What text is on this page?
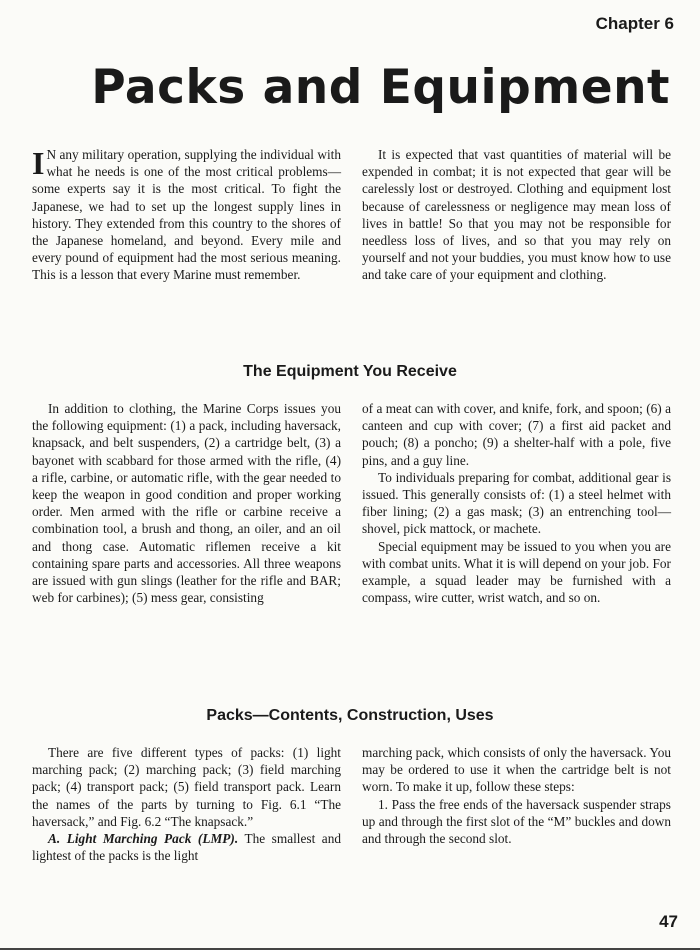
Chapter 6
Packs and Equipment

I N any military operation, supplying the individual with what he needs is one of the most critical problems—some experts say it is the most critical. To fight the Japanese, we had to set up the longest supply lines in history. They extended from this country to the shores of the Japanese homeland, and beyond. Every mile and every pound of equipment had the most serious meaning. This is a lesson that every Marine must remember.

It is expected that vast quantities of material will be expended in combat; it is not expected that gear will be carelessly lost or destroyed. Clothing and equipment lost because of carelessness or negligence may mean loss of lives in battle! So that you may not be responsible for needless loss of lives, and so that you may rely on yourself and not your buddies, you must know how to use and take care of your equipment and clothing.

The Equipment You Receive

In addition to clothing, the Marine Corps issues you the following equipment: (1) a pack, including haversack, knapsack, and belt suspenders, (2) a cartridge belt, (3) a bayonet with scabbard for those armed with the rifle, (4) a rifle, carbine, or automatic rifle, with the gear needed to keep the weapon in good condition and proper working order. Men armed with the rifle or carbine receive a combination tool, a brush and thong, an oiler, and an oil and thong case. Automatic riflemen receive a kit containing spare parts and accessories. All three weapons are issued with gun slings (leather for the rifle and BAR; web for carbines); (5) mess gear, consisting

of a meat can with cover, and knife, fork, and spoon; (6) a canteen and cup with cover; (7) a first aid packet and pouch; (8) a poncho; (9) a shelter-half with a pole, five pins, and a guy line.

To individuals preparing for combat, additional gear is issued. This generally consists of: (1) a steel helmet with fiber lining; (2) a gas mask; (3) an entrenching tool—shovel, pick mattock, or machete.

Special equipment may be issued to you when you are with combat units. What it is will depend on your job. For example, a squad leader may be furnished with a compass, wire cutter, wrist watch, and so on.

Packs—Contents, Construction, Uses

There are five different types of packs: (1) light marching pack; (2) marching pack; (3) field marching pack; (4) transport pack; (5) field transport pack. Learn the names of the parts by turning to Fig. 6.1 “The haversack,” and Fig. 6.2 “The knapsack.”

A. Light Marching Pack (LMP). The smallest and lightest of the packs is the light

marching pack, which consists of only the haversack. You may be ordered to use it when the cartridge belt is not worn. To make it up, follow these steps:

1. Pass the free ends of the haversack suspender straps up and through the first slot of the “M” buckles and down and through the second slot.

47
